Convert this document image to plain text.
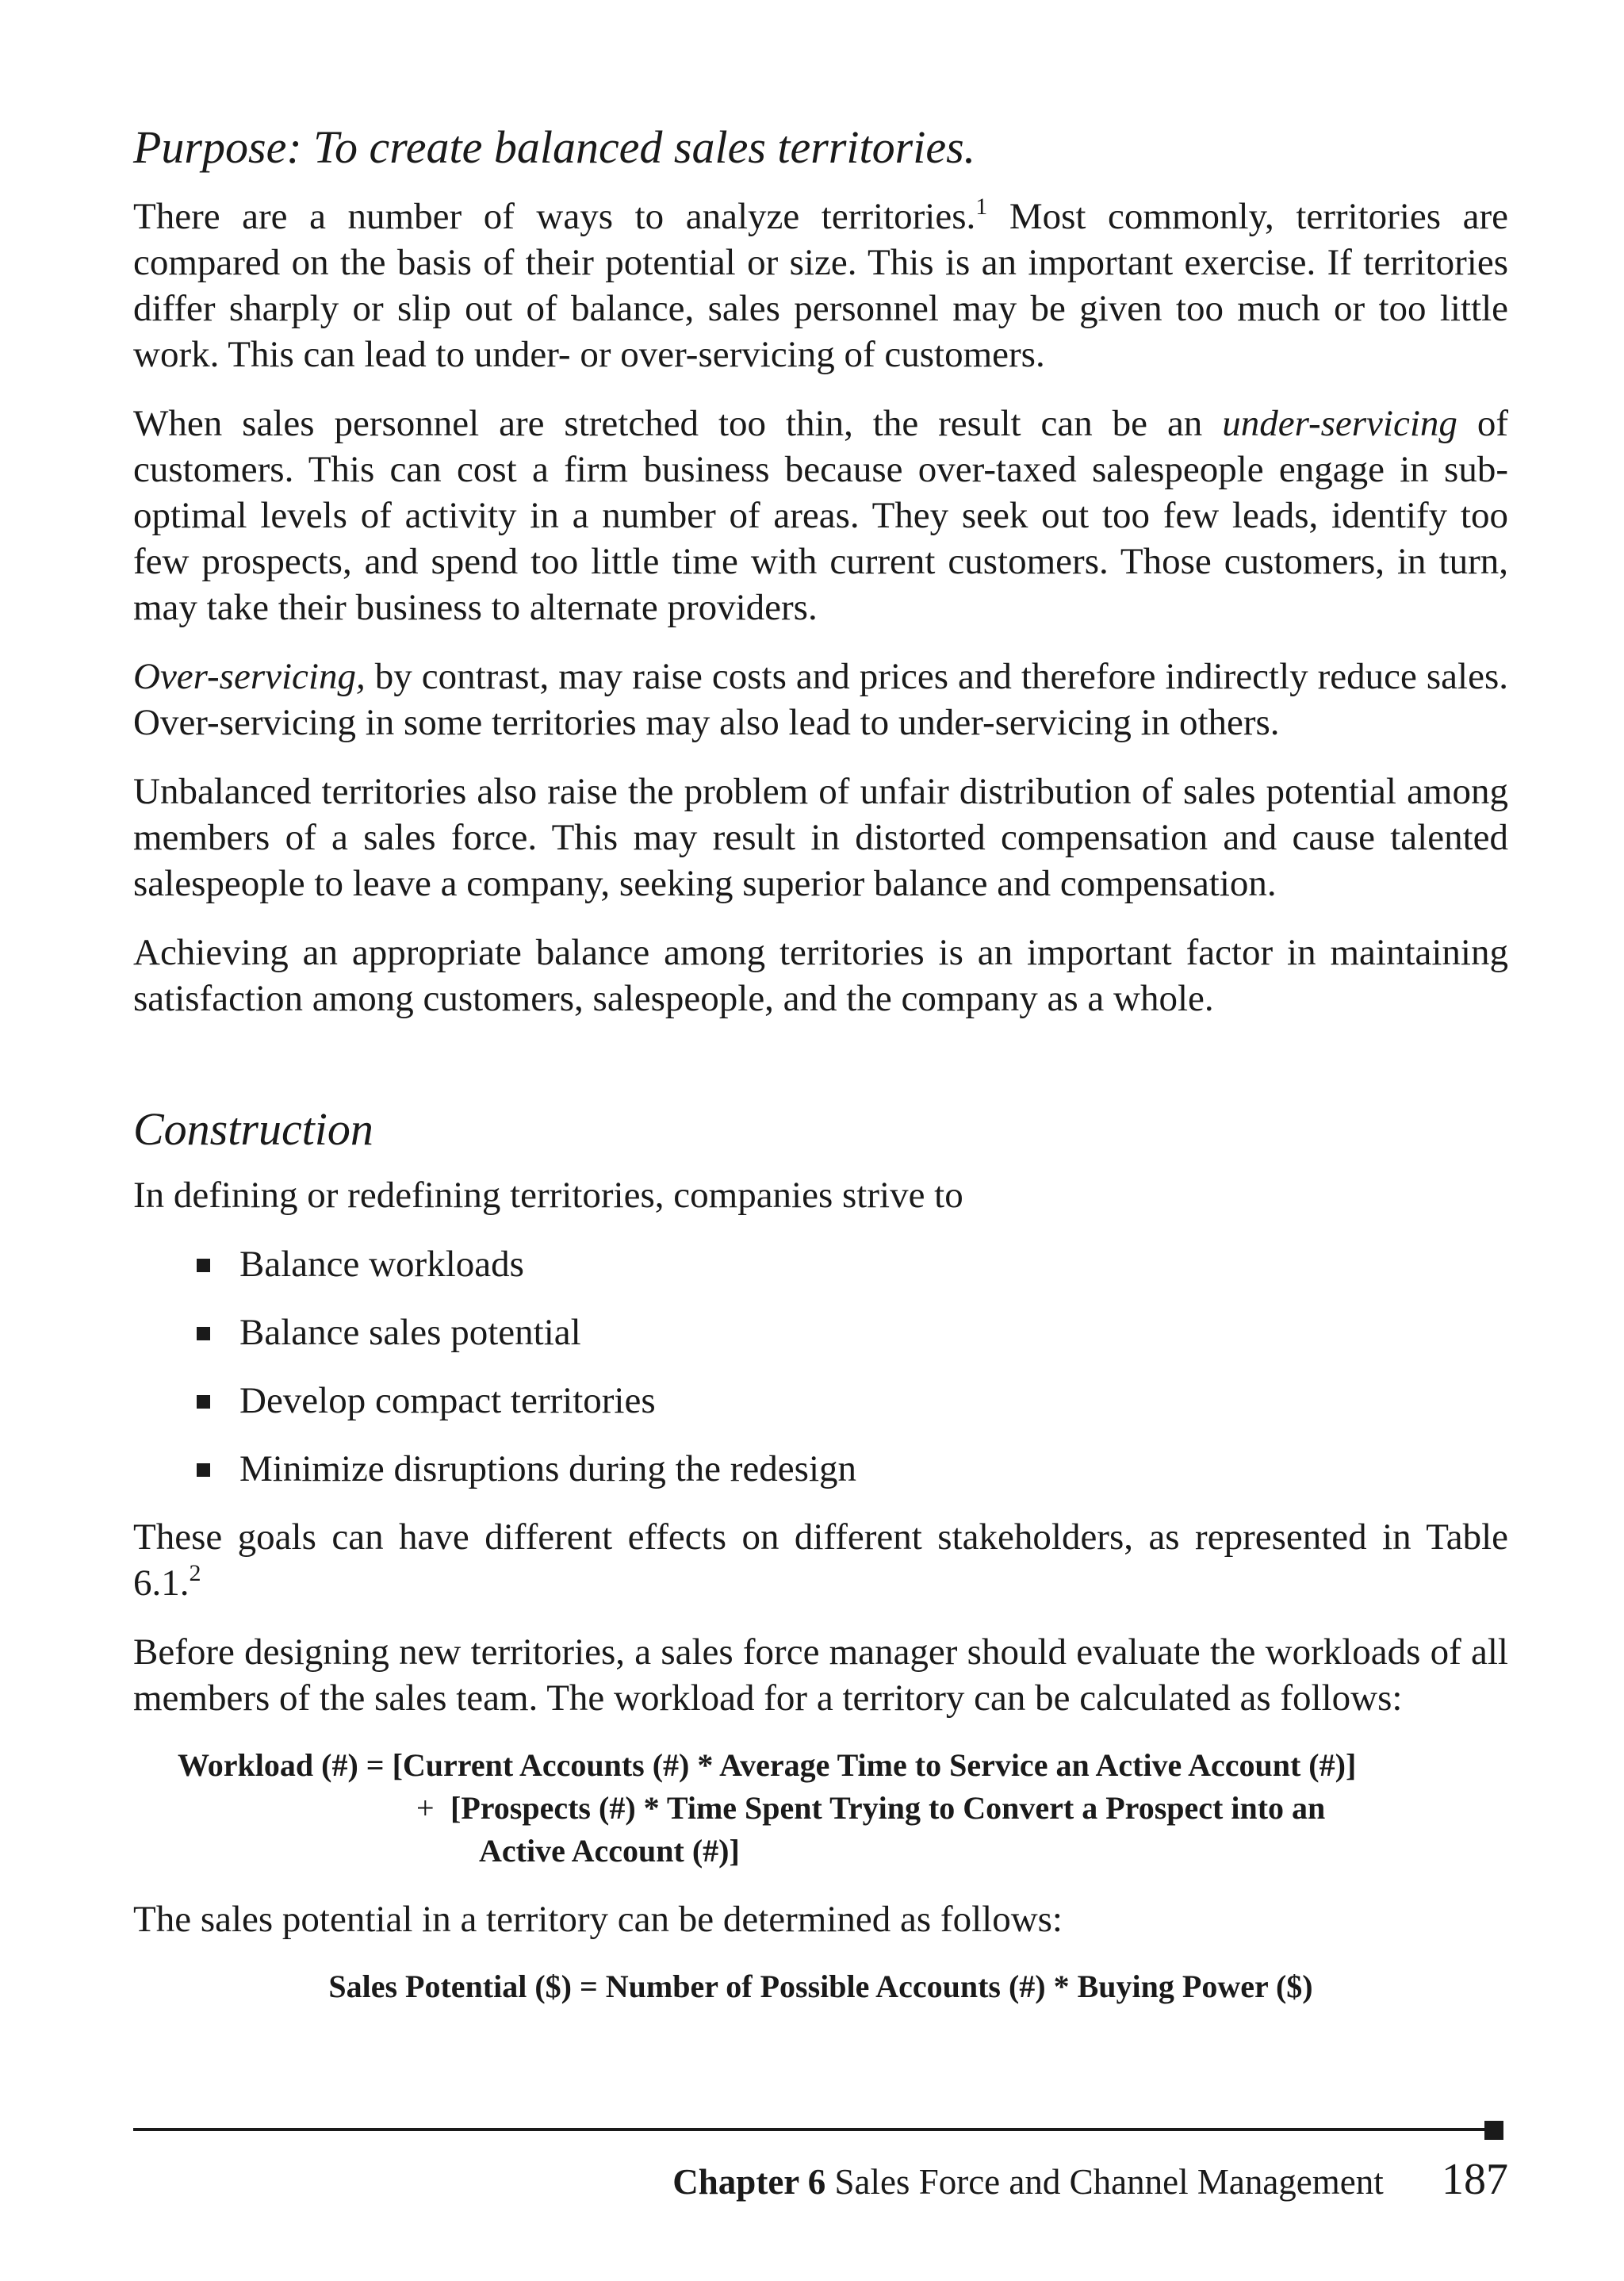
Purpose: To create balanced sales territories.

There are a number of ways to analyze territories.$^1$ Most commonly, territories are compared on the basis of their potential or size. This is an important exercise. If territories differ sharply or slip out of balance, sales personnel may be given too much or too little work. This can lead to under- or over-servicing of customers.

When sales personnel are stretched too thin, the result can be an under-servicing of customers. This can cost a firm business because over-taxed salespeople engage in sub-optimal levels of activity in a number of areas. They seek out too few leads, identify too few prospects, and spend too little time with current customers. Those customers, in turn, may take their business to alternate providers.

Over-servicing, by contrast, may raise costs and prices and therefore indirectly reduce sales. Over-servicing in some territories may also lead to under-servicing in others.

Unbalanced territories also raise the problem of unfair distribution of sales potential among members of a sales force. This may result in distorted compensation and cause talented salespeople to leave a company, seeking superior balance and compensation.

Achieving an appropriate balance among territories is an important factor in maintaining satisfaction among customers, salespeople, and the company as a whole.

Construction

In defining or redefining territories, companies strive to

Balance workloads
Balance sales potential
Develop compact territories
Minimize disruptions during the redesign

These goals can have different effects on different stakeholders, as represented in Table 6.1.$^2$

Before designing new territories, a sales force manager should evaluate the workloads of all members of the sales team. The workload for a territory can be calculated as follows:

Workload (#) = [Current Accounts (#) * Average Time to Service an Active Account (#)]
+ [Prospects (#) * Time Spent Trying to Convert a Prospect into an
Active Account (#)]

The sales potential in a territory can be determined as follows:

Sales Potential ($) = Number of Possible Accounts (#) * Buying Power ($)
Chapter 6 Sales Force and Channel Management 187
